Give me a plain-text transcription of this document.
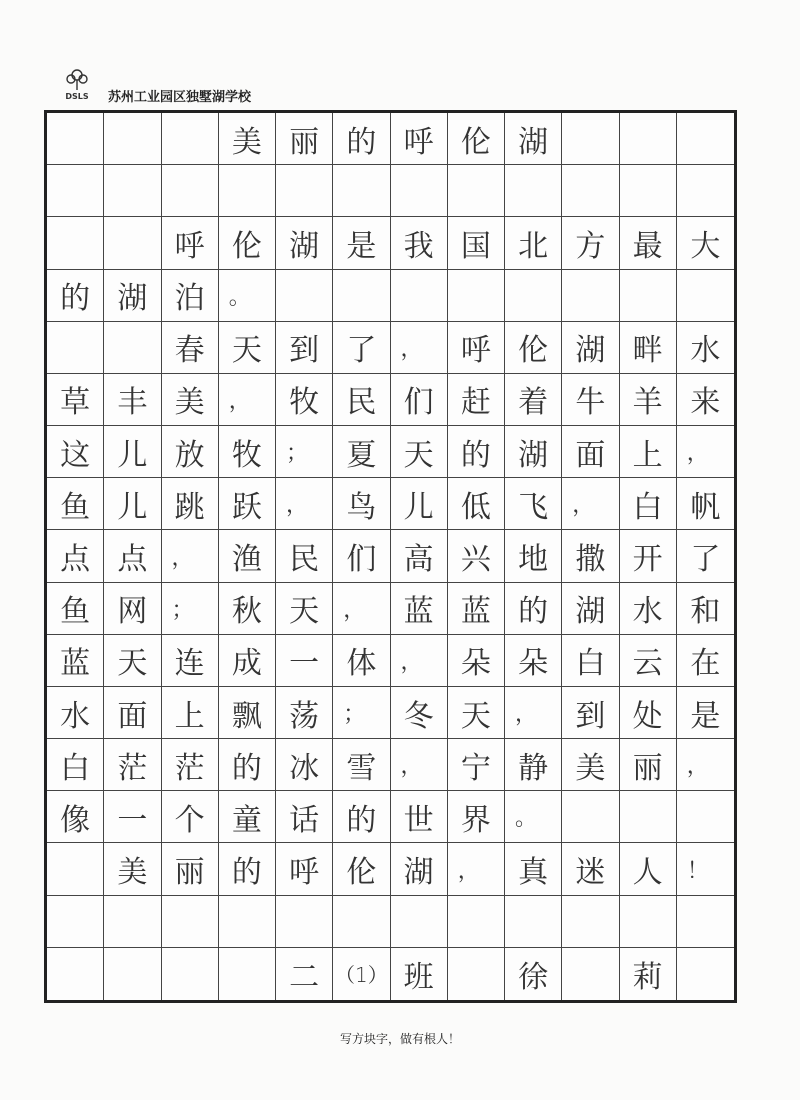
DSLS 苏州工业园区独墅湖学校
美 丽 的 呼 伦 湖
呼 伦 湖 是 我 国 北 方 最 大
的 湖 泊	。
春 天 到 了	，	呼 伦 湖 畔 水
草 丰 美	，	牧 民 们 赶 着 牛 羊 来
这 儿 放 牧	；	夏 天 的 湖 面 上	，
鱼 儿 跳 跃	，	鸟 儿 低 飞	，	白 帆
点 点	，	渔 民 们 高 兴 地 撒 开 了
鱼 网	；	秋 天	，	蓝 蓝 的 湖 水 和
蓝 天 连 成 一 体	，	朵 朵 白 云 在
水 面 上 飘 荡	；	冬 天	，	到 处 是
白 茫 茫 的 冰 雪	，	宁 静 美 丽	，
像 一 个 童 话 的 世 界	。
美 丽 的 呼 伦 湖	，	真 迷 人	！
二 （1） 班	徐	莉
写方块字，做有根人！
